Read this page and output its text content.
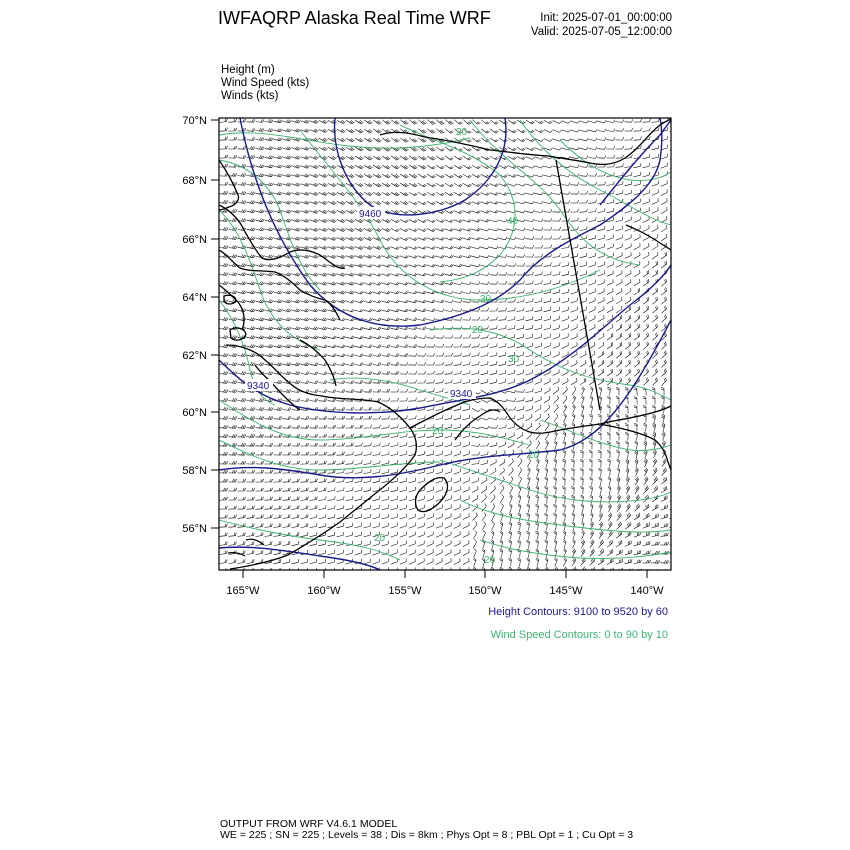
IWFAQRP Alaska Real Time WRF	Init: 2025-07-01_00:00:00
Valid: 2025-07-05_12:00:00
Height (m)
Wind Speed (kts)
Winds (kts)
70°N
68°N
66°N
64°N
62°N
60°N
58°N
56°N
165°W	160°W	155°W	150°W	145°W	140°W
9460
9340
9340
20
40
30
20
30
20
20
20
20
Height Contours: 9100 to 9520 by 60
Wind Speed Contours: 0 to 90 by 10
OUTPUT FROM WRF V4.6.1 MODEL
WE = 225 ; SN = 225 ; Levels = 38 ; Dis = 8km ; Phys Opt = 8 ; PBL Opt = 1 ; Cu Opt = 3
